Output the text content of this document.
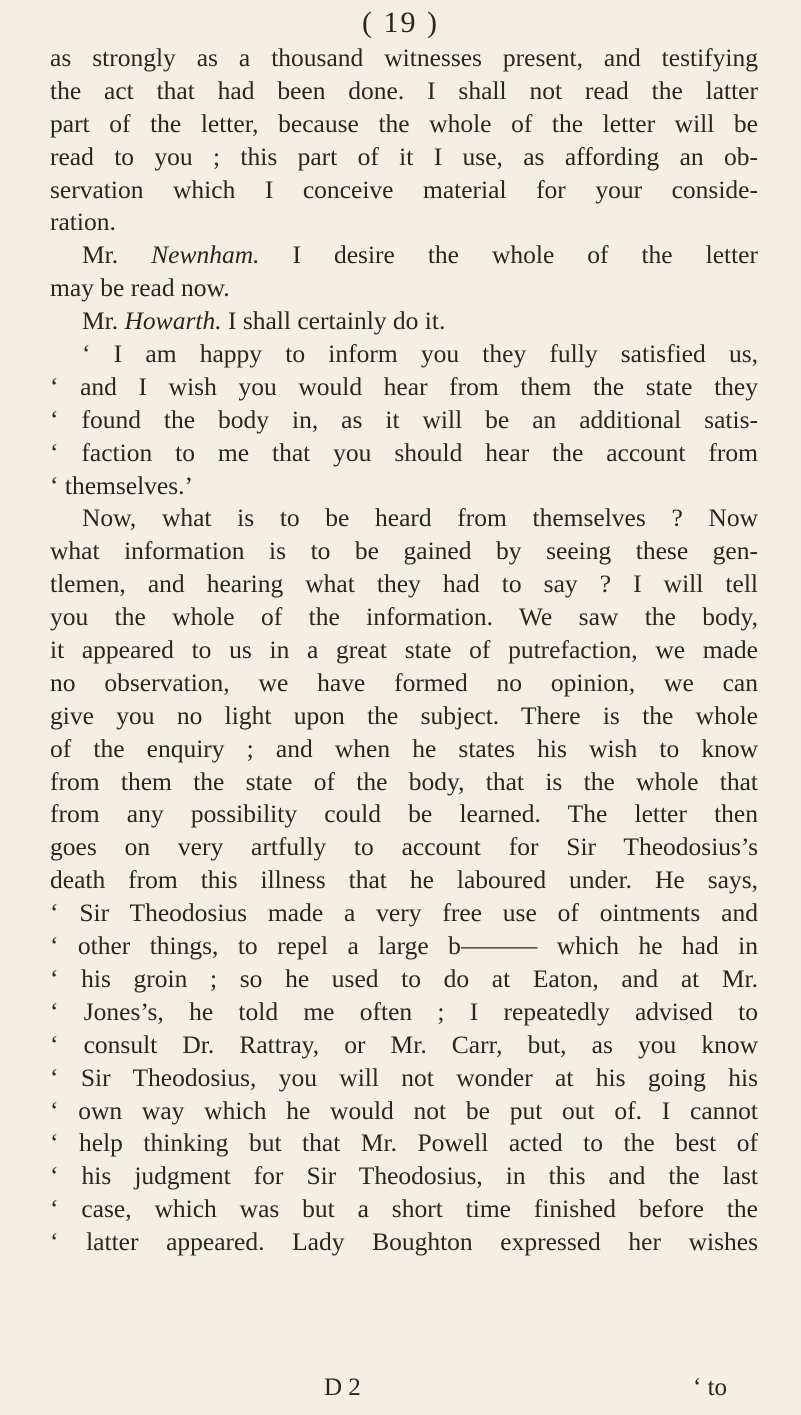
( 19 )
as strongly as a thousand witnesses present, and testifying
the act that had been done. I shall not read the latter
part of the letter, because the whole of the letter will be
read to you ; this part of it I use, as affording an ob-
servation which I conceive material for your conside-
ration.
Mr. Newnham. I desire the whole of the letter
may be read now.
Mr. Howarth. I shall certainly do it.
‘ I am happy to inform you they fully satisfied us,
‘ and I wish you would hear from them the state they
‘ found the body in, as it will be an additional satis-
‘ faction to me that you should hear the account from
‘ themselves.’
Now, what is to be heard from themselves ? Now
what information is to be gained by seeing these gen-
tlemen, and hearing what they had to say ? I will tell
you the whole of the information. We saw the body,
it appeared to us in a great state of putrefaction, we made
no observation, we have formed no opinion, we can
give you no light upon the subject. There is the whole
of the enquiry ; and when he states his wish to know
from them the state of the body, that is the whole that
from any possibility could be learned. The letter then
goes on very artfully to account for Sir Theodosius’s
death from this illness that he laboured under. He says,
‘ Sir Theodosius made a very free use of ointments and
‘ other things, to repel a large b——— which he had in
‘ his groin ; so he used to do at Eaton, and at Mr.
‘ Jones’s, he told me often ; I repeatedly advised to
‘ consult Dr. Rattray, or Mr. Carr, but, as you know
‘ Sir Theodosius, you will not wonder at his going his
‘ own way which he would not be put out of. I cannot
‘ help thinking but that Mr. Powell acted to the best of
‘ his judgment for Sir Theodosius, in this and the last
‘ case, which was but a short time finished before the
‘ latter appeared. Lady Boughton expressed her wishes
D 2	‘ to
